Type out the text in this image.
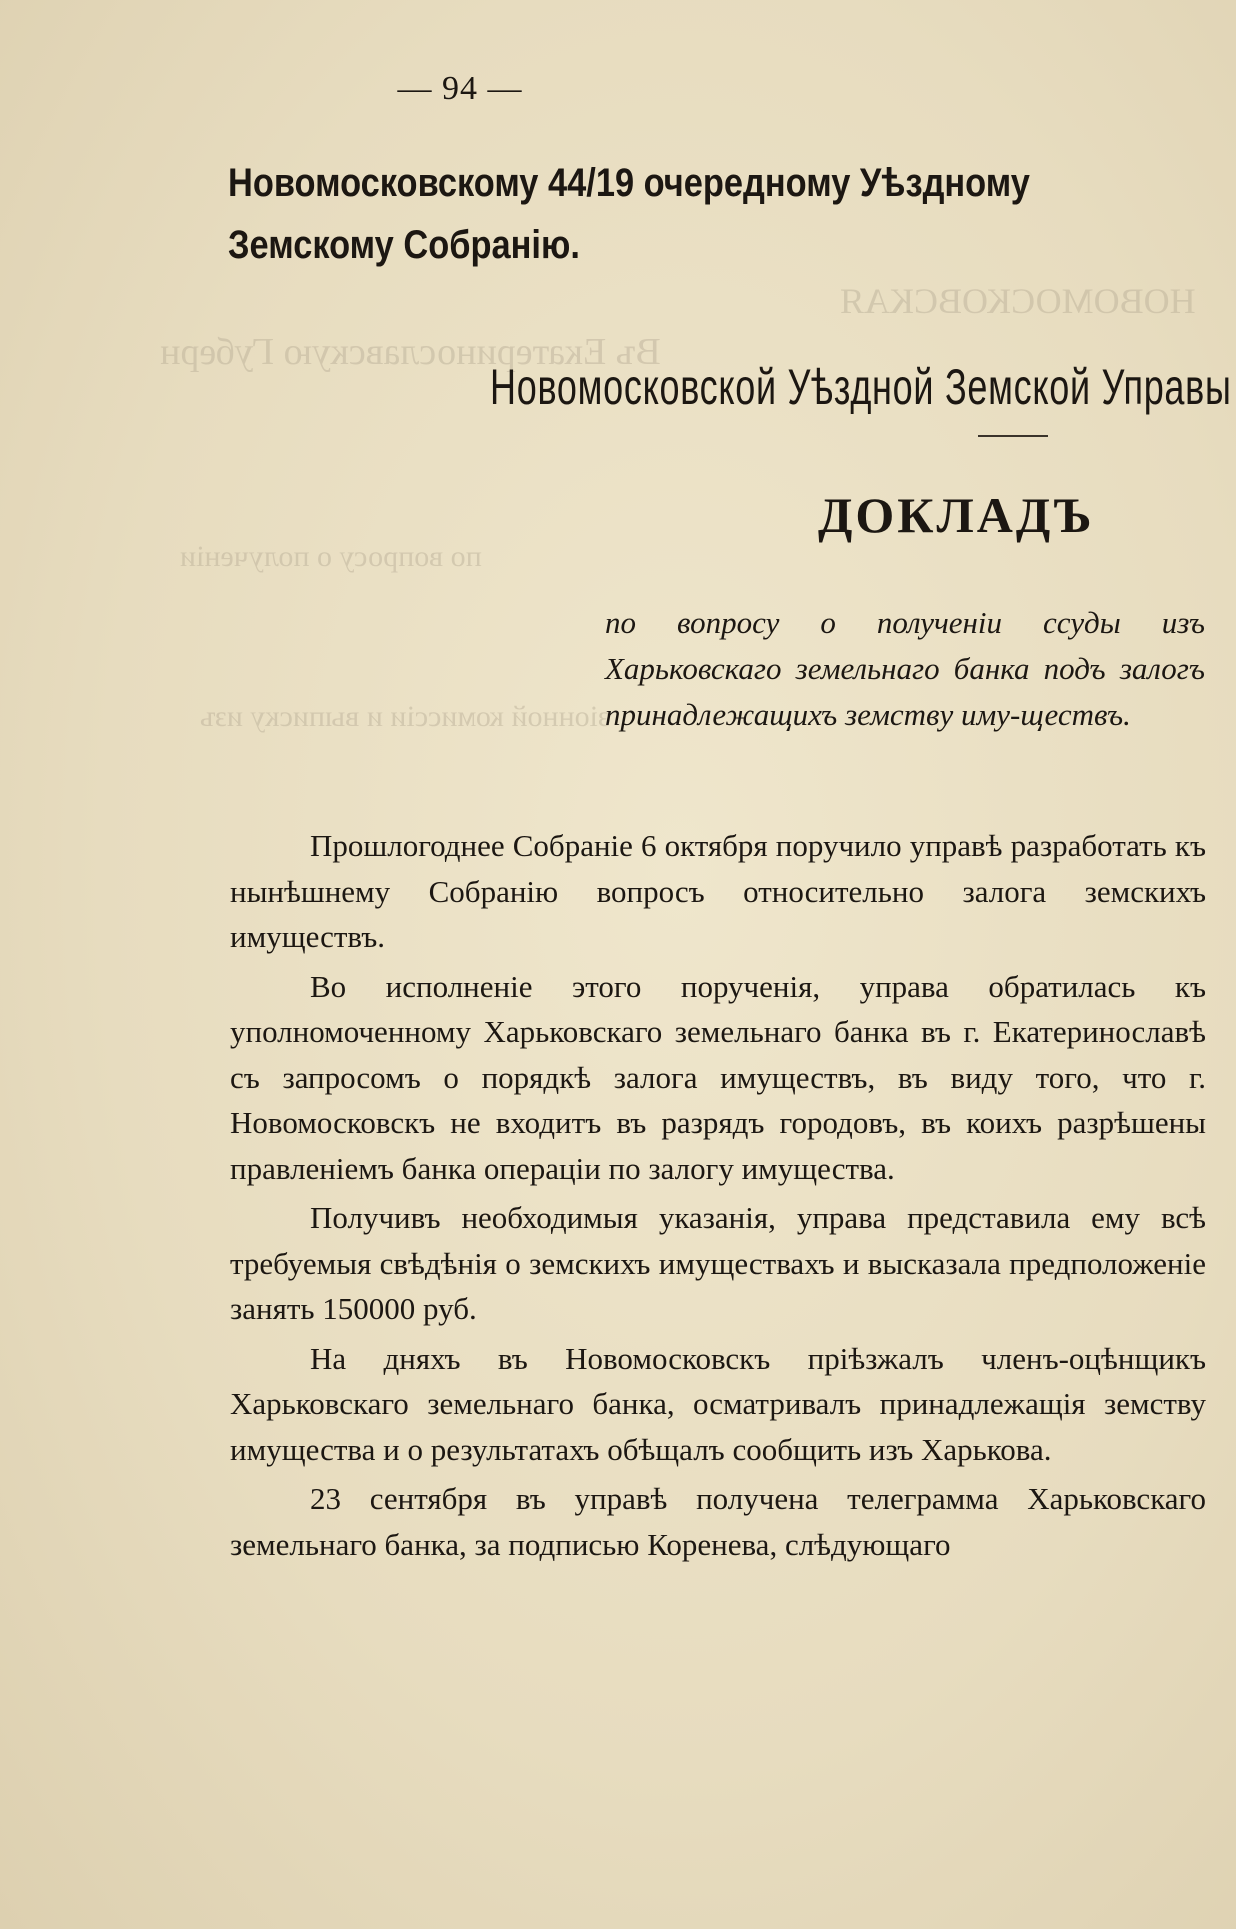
НОВОМОСКОВСКАЯ
Въ Екатеринославскую Губерн
по вопросу о полученіи
зіонной комиссіи и выписку изъ
— 94 —
Новомосковскому 44/19 очередному Уѣздному
Земскому Собранію.
Новомосковской Уѣздной Земской Управы
ДОКЛАДЪ
по вопросу о полученіи ссуды изъ Харьковскаго земельнаго банка подъ залогъ принадлежащихъ земству иму-ществъ.

Прошлогоднее Собраніе 6 октября поручило управѣ разработать къ нынѣшнему Собранію вопросъ относительно залога земскихъ имуществъ.

Во исполненіе этого порученія, управа обратилась къ уполномоченному Харьковскаго земельнаго банка въ г. Екатеринославѣ съ запросомъ о порядкѣ залога имуществъ, въ виду того, что г. Новомосковскъ не входитъ въ разрядъ городовъ, въ коихъ разрѣшены правленіемъ банка операціи по залогу имущества.

Получивъ необходимыя указанія, управа представила ему всѣ требуемыя свѣдѣнія о земскихъ имуществахъ и высказала предположеніе занять 150000 руб.

На дняхъ въ Новомосковскъ пріѣзжалъ членъ-оцѣнщикъ Харьковскаго земельнаго банка, осматривалъ принадлежащія земству имущества и о результатахъ обѣщалъ сообщить изъ Харькова.

23 сентября въ управѣ получена телеграмма Харьковскаго земельнаго банка, за подписью Коренева, слѣдующаго
